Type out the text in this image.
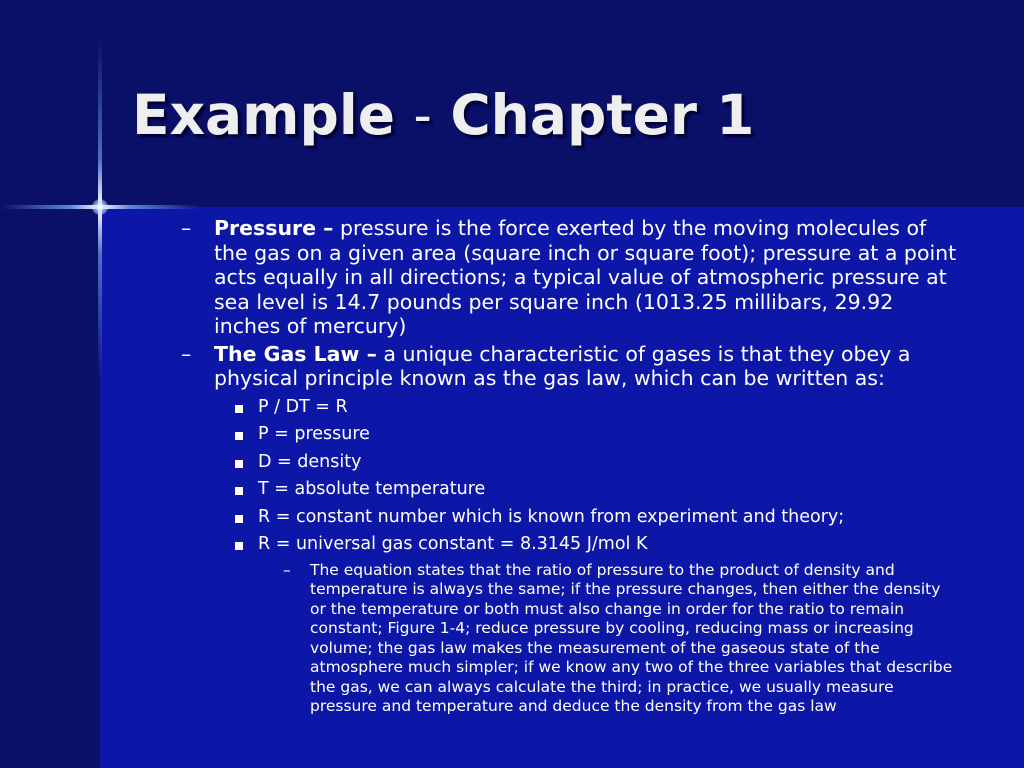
Example – Chapter 1
– Pressure – pressure is the force exerted by the moving molecules of the gas on a given area (square inch or square foot); pressure at a point acts equally in all directions; a typical value of atmospheric pressure at sea level is 14.7 pounds per square inch (1013.25 millibars, 29.92 inches of mercury)
– The Gas Law – a unique characteristic of gases is that they obey a physical principle known as the gas law, which can be written as:
P / DT = R
P = pressure
D = density
T = absolute temperature
R = constant number which is known from experiment and theory;
R = universal gas constant = 8.3145 J/mol K
– The equation states that the ratio of pressure to the product of density and temperature is always the same; if the pressure changes, then either the density or the temperature or both must also change in order for the ratio to remain constant; Figure 1-4; reduce pressure by cooling, reducing mass or increasing volume; the gas law makes the measurement of the gaseous state of the atmosphere much simpler; if we know any two of the three variables that describe the gas, we can always calculate the third; in practice, we usually measure pressure and temperature and deduce the density from the gas law
